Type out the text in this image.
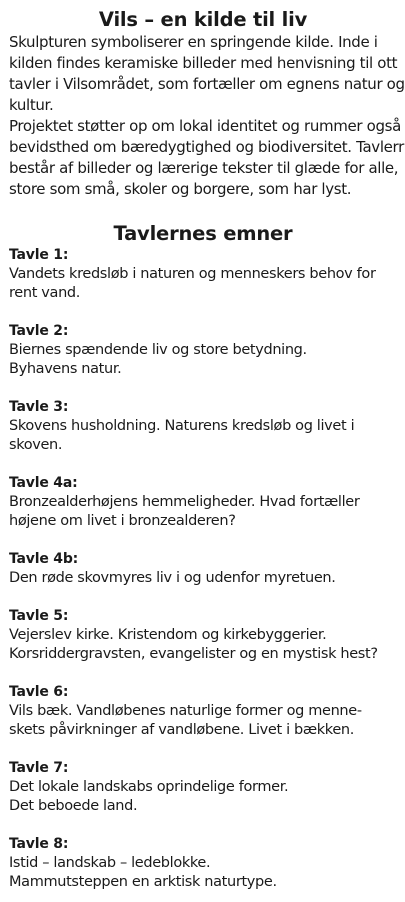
Vils – en kilde til liv
Skulpturen symboliserer en springende kilde. Inde i
kilden findes keramiske billeder med henvisning til ott
tavler i Vilsområdet, som fortæller om egnens natur og
kultur.
Projektet støtter op om lokal identitet og rummer også
bevidsthed om bæredygtighed og biodiversitet. Tavlerr
består af billeder og lærerige tekster til glæde for alle,
store som små, skoler og borgere, som har lyst.
Tavlernes emner
Tavle 1:
Vandets kredsløb i naturen og menneskers behov for
rent vand.
Tavle 2:
Biernes spændende liv og store betydning.
Byhavens natur.
Tavle 3:
Skovens husholdning. Naturens kredsløb og livet i
skoven.
Tavle 4a:
Bronzealderhøjens hemmeligheder. Hvad fortæller
højene om livet i bronzealderen?
Tavle 4b:
Den røde skovmyres liv i og udenfor myretuen.
Tavle 5:
Vejerslev kirke. Kristendom og kirkebyggerier.
Korsriddergravsten, evangelister og en mystisk hest?
Tavle 6:
Vils bæk. Vandløbenes naturlige former og menne-
skets påvirkninger af vandløbene. Livet i bækken.
Tavle 7:
Det lokale landskabs oprindelige former.
Det beboede land.
Tavle 8:
Istid – landskab – ledeblokke.
Mammutsteppen en arktisk naturtype.
